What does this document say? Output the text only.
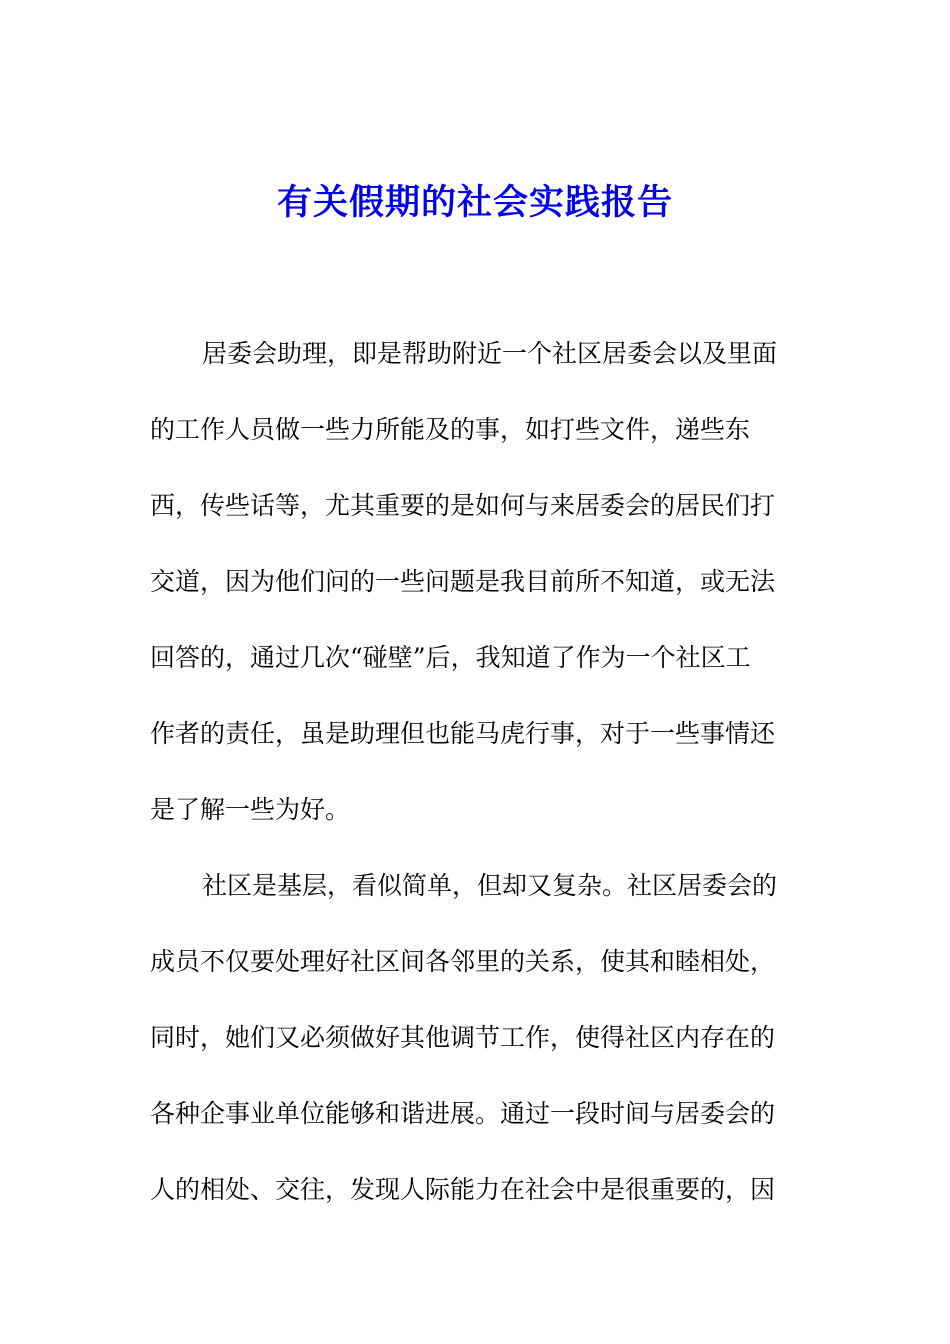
有关假期的社会实践报告
居委会助理，即是帮助附近一个社区居委会以及里面
的工作人员做一些力所能及的事，如打些文件，递些东
西，传些话等，尤其重要的是如何与来居委会的居民们打
交道，因为他们问的一些问题是我目前所不知道，或无法
回答的，通过几次“碰壁”后，我知道了作为一个社区工
作者的责任，虽是助理但也能马虎行事，对于一些事情还
是了解一些为好。
社区是基层，看似简单，但却又复杂。社区居委会的
成员不仅要处理好社区间各邻里的关系，使其和睦相处，
同时，她们又必须做好其他调节工作，使得社区内存在的
各种企事业单位能够和谐进展。通过一段时间与居委会的
人的相处、交往，发现人际能力在社会中是很重要的，因
